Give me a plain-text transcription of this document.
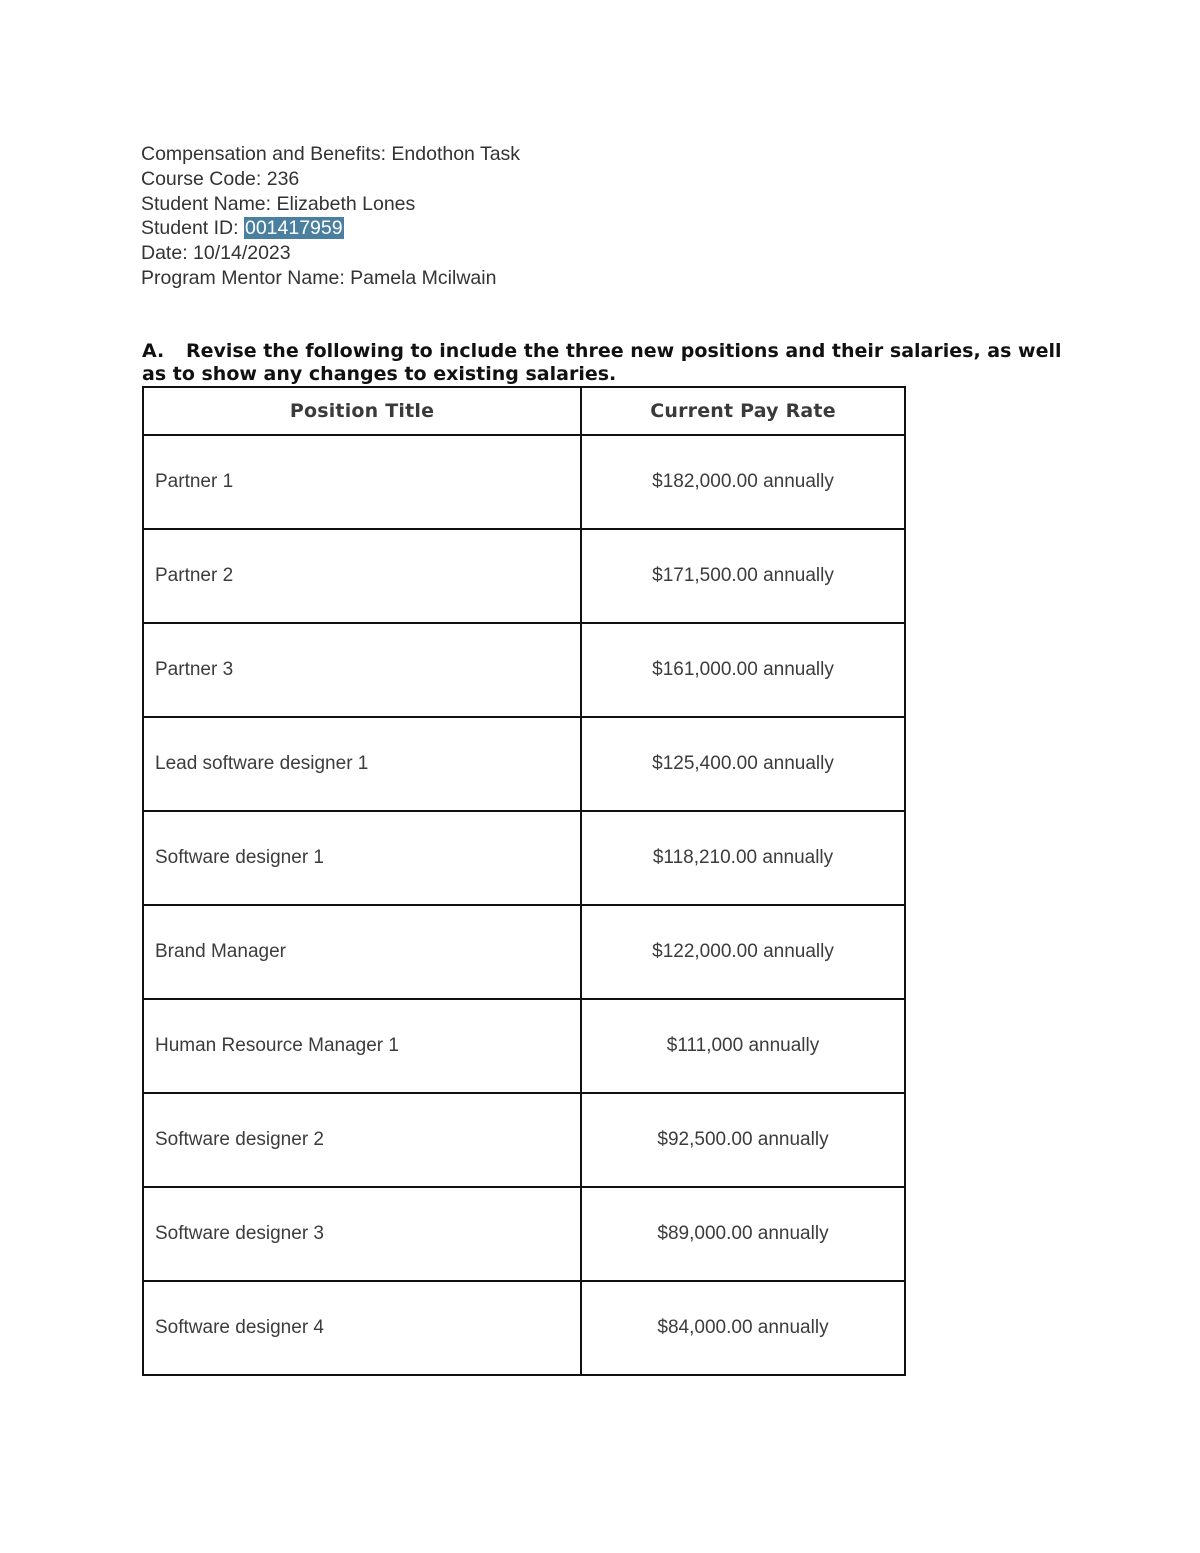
Compensation and Benefits: Endothon Task
Course Code: 236
Student Name: Elizabeth Lones
Student ID: 001417959
Date: 10/14/2023
Program Mentor Name: Pamela Mcilwain
A. Revise the following to include the three new positions and their salaries, as well as to show any changes to existing salaries.
Position Title	Current Pay Rate
Partner 1	$182,000.00 annually
Partner 2	$171,500.00 annually
Partner 3	$161,000.00 annually
Lead software designer 1	$125,400.00 annually
Software designer 1	$118,210.00 annually
Brand Manager	$122,000.00 annually
Human Resource Manager 1	$111,000 annually
Software designer 2	$92,500.00 annually
Software designer 3	$89,000.00 annually
Software designer 4	$84,000.00 annually
